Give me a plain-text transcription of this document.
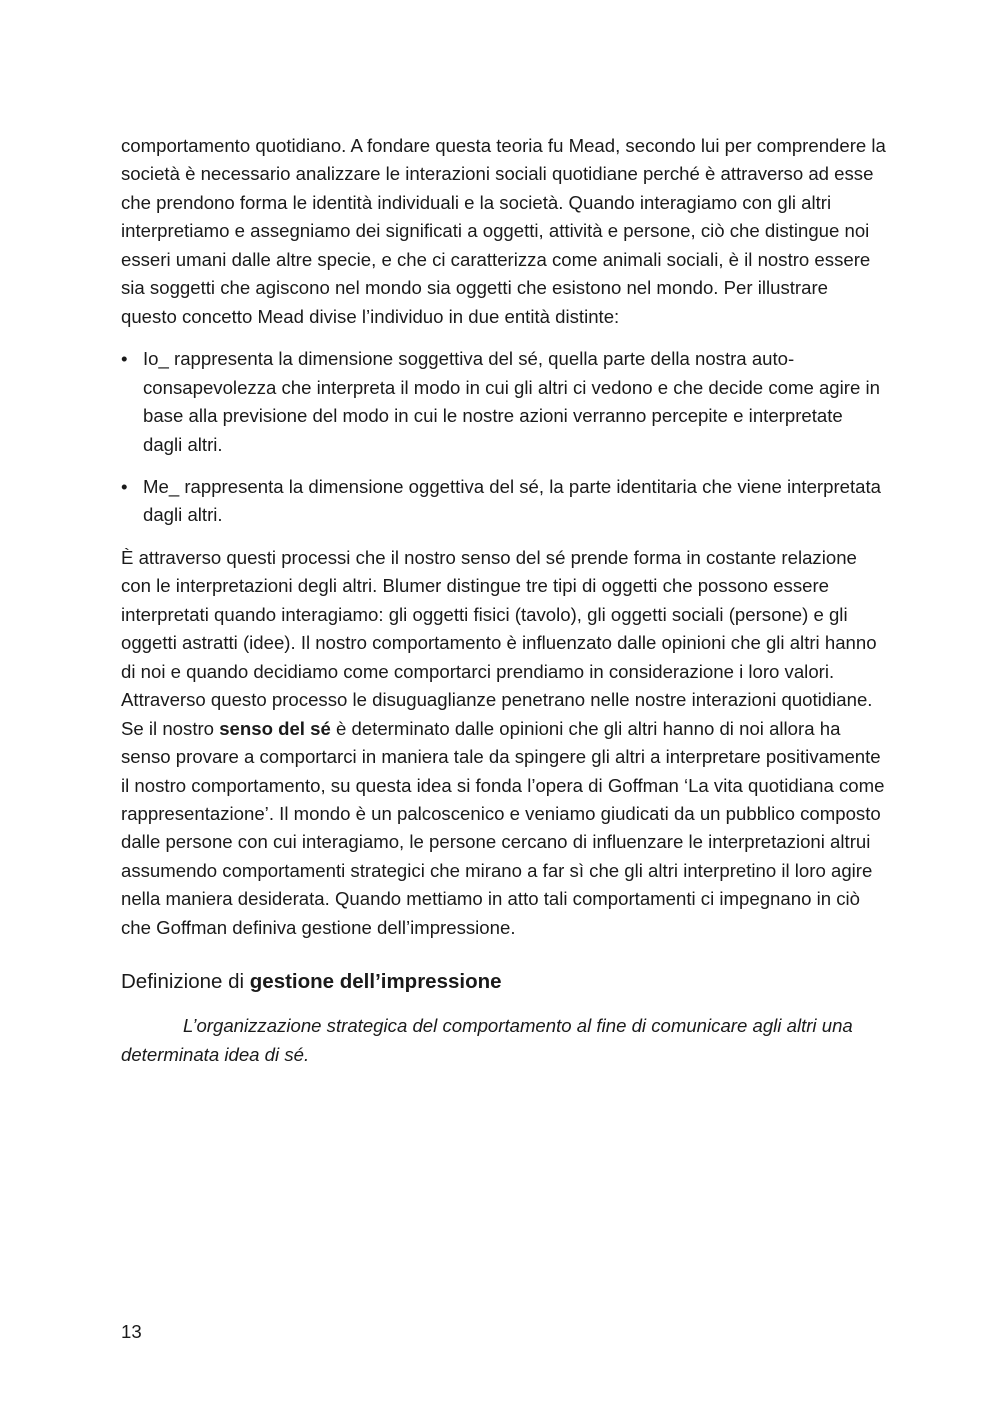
comportamento quotidiano. A fondare questa teoria fu Mead, secondo lui per comprendere la società è necessario analizzare le interazioni sociali quotidiane perché è attraverso ad esse che prendono forma le identità individuali e la società. Quando interagiamo con gli altri interpretiamo e assegniamo dei significati a oggetti, attività e persone, ciò che distingue noi esseri umani dalle altre specie, e che ci caratterizza come animali sociali, è il nostro essere sia soggetti che agiscono nel mondo sia oggetti che esistono nel mondo. Per illustrare questo concetto Mead divise l’individuo in due entità distinte:

• Io_ rappresenta la dimensione soggettiva del sé, quella parte della nostra auto-consapevolezza che interpreta il modo in cui gli altri ci vedono e che decide come agire in base alla previsione del modo in cui le nostre azioni verranno percepite e interpretate dagli altri.
• Me_ rappresenta la dimensione oggettiva del sé, la parte identitaria che viene interpretata dagli altri.

È attraverso questi processi che il nostro senso del sé prende forma in costante relazione con le interpretazioni degli altri. Blumer distingue tre tipi di oggetti che possono essere interpretati quando interagiamo: gli oggetti fisici (tavolo), gli oggetti sociali (persone) e gli oggetti astratti (idee). Il nostro comportamento è influenzato dalle opinioni che gli altri hanno di noi e quando decidiamo come comportarci prendiamo in considerazione i loro valori. Attraverso questo processo le disuguaglianze penetrano nelle nostre interazioni quotidiane. Se il nostro senso del sé è determinato dalle opinioni che gli altri hanno di noi allora ha senso provare a comportarci in maniera tale da spingere gli altri a interpretare positivamente il nostro comportamento, su questa idea si fonda l’opera di Goffman ‘La vita quotidiana come rappresentazione’. Il mondo è un palcoscenico e veniamo giudicati da un pubblico composto dalle persone con cui interagiamo, le persone cercano di influenzare le interpretazioni altrui assumendo comportamenti strategici che mirano a far sì che gli altri interpretino il loro agire nella maniera desiderata. Quando mettiamo in atto tali comportamenti ci impegnano in ciò che Goffman definiva gestione dell’impressione.

Definizione di gestione dell’impressione

L’organizzazione strategica del comportamento al fine di comunicare agli altri una determinata idea di sé.

13
